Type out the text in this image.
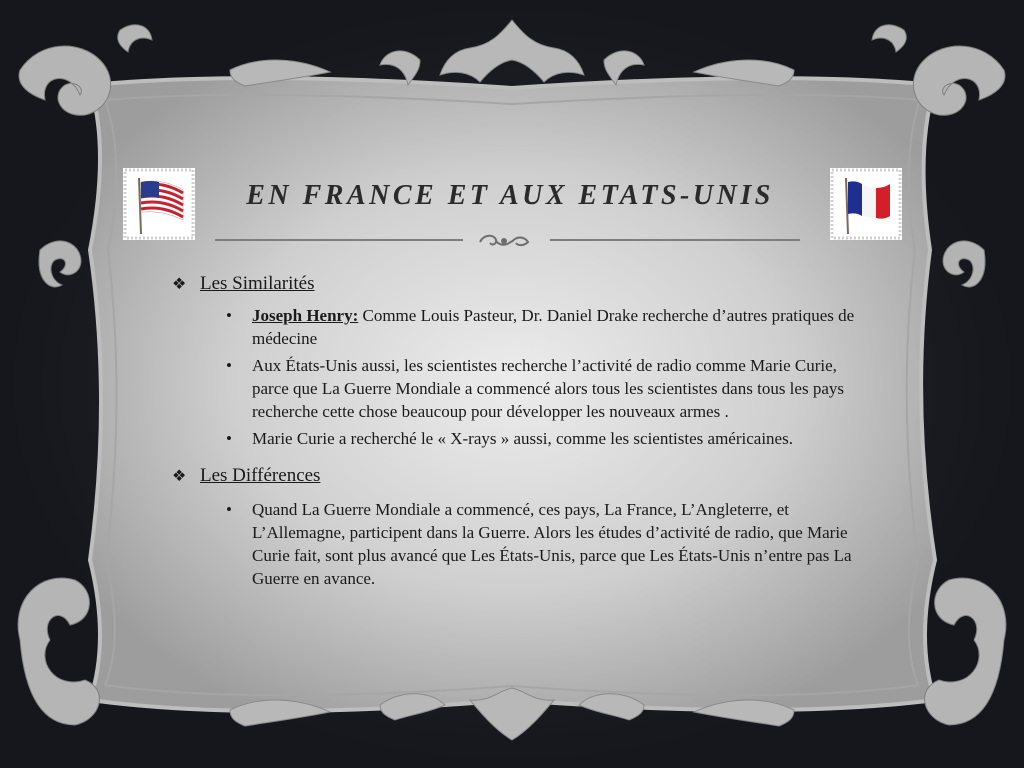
EN FRANCE ET AUX ETATS-UNIS
❖ Les Similarités
• Joseph Henry: Comme Louis Pasteur, Dr. Daniel Drake recherche d’autres pratiques de médecine
• Aux États-Unis aussi, les scientistes recherche l’activité de radio comme Marie Curie, parce que La Guerre Mondiale a commencé alors tous les scientistes dans tous les pays recherche cette chose beaucoup pour développer les nouveaux armes .
• Marie Curie a recherché le « X-rays » aussi, comme les scientistes américaines.
❖ Les Différences
• Quand La Guerre Mondiale a commencé, ces pays, La France, L’Angleterre, et L’Allemagne, participent dans la Guerre. Alors les études d’activité de radio, que Marie Curie fait, sont plus avancé que Les États-Unis, parce que Les États-Unis n’entre pas La Guerre en avance.
